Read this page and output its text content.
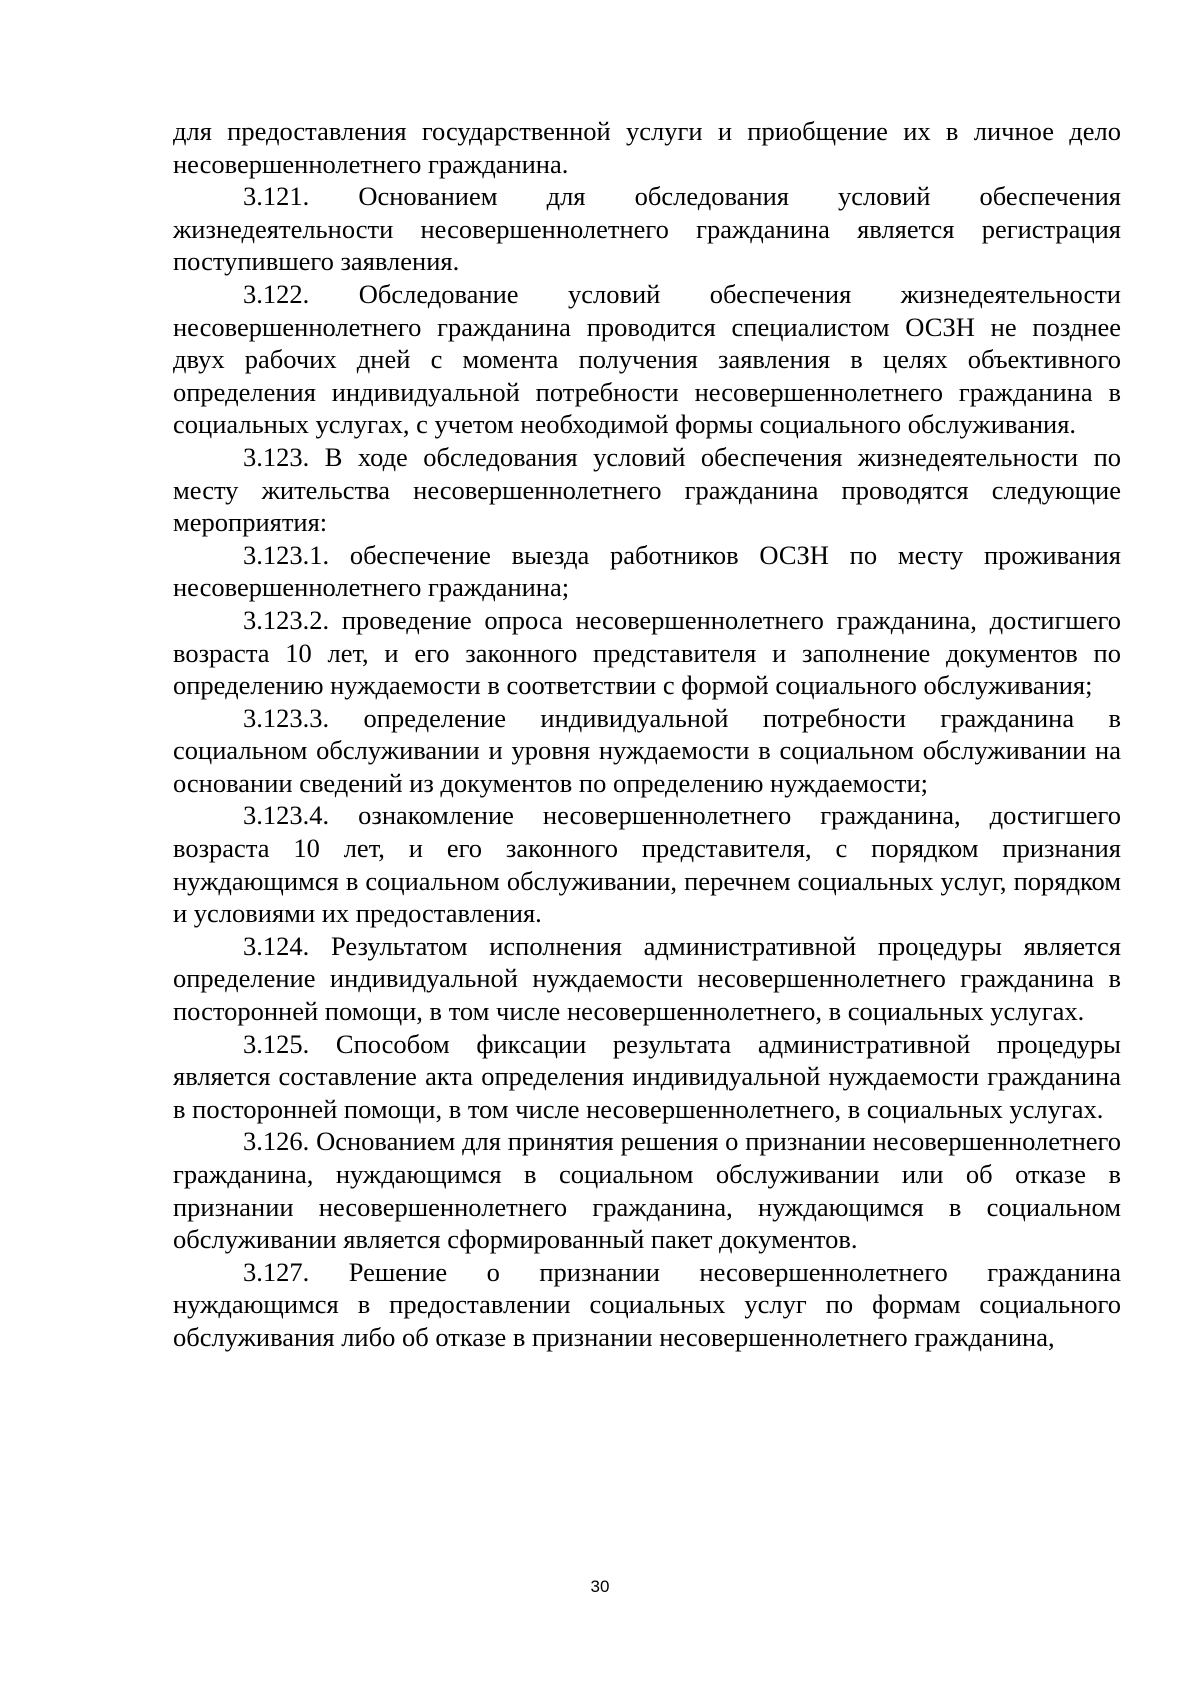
для предоставления государственной услуги и приобщение их в личное дело несовершеннолетнего гражданина.

3.121. Основанием для обследования условий обеспечения жизнедеятельности несовершеннолетнего гражданина является регистрация поступившего заявления.

3.122. Обследование условий обеспечения жизнедеятельности несовершеннолетнего гражданина проводится специалистом ОСЗН не позднее двух рабочих дней с момента получения заявления в целях объективного определения индивидуальной потребности несовершеннолетнего гражданина в социальных услугах, с учетом необходимой формы социального обслуживания.

3.123. В ходе обследования условий обеспечения жизнедеятельности по месту жительства несовершеннолетнего гражданина проводятся следующие мероприятия:

3.123.1. обеспечение выезда работников ОСЗН по месту проживания несовершеннолетнего гражданина;

3.123.2. проведение опроса несовершеннолетнего гражданина, достигшего возраста 10 лет, и его законного представителя и заполнение документов по определению нуждаемости в соответствии с формой социального обслуживания;

3.123.3. определение индивидуальной потребности гражданина в социальном обслуживании и уровня нуждаемости в социальном обслуживании на основании сведений из документов по определению нуждаемости;

3.123.4. ознакомление несовершеннолетнего гражданина, достигшего возраста 10 лет, и его законного представителя, с порядком признания нуждающимся в социальном обслуживании, перечнем социальных услуг, порядком и условиями их предоставления.

3.124. Результатом исполнения административной процедуры является определение индивидуальной нуждаемости несовершеннолетнего гражданина в посторонней помощи, в том числе несовершеннолетнего, в социальных услугах.

3.125. Способом фиксации результата административной процедуры является составление акта определения индивидуальной нуждаемости гражданина в посторонней помощи, в том числе несовершеннолетнего, в социальных услугах.

3.126. Основанием для принятия решения о признании несовершеннолетнего гражданина, нуждающимся в социальном обслуживании или об отказе в признании несовершеннолетнего гражданина, нуждающимся в социальном обслуживании является сформированный пакет документов.

3.127. Решение о признании несовершеннолетнего гражданина нуждающимся в предоставлении социальных услуг по формам социального обслуживания либо об отказе в признании несовершеннолетнего гражданина,

30
